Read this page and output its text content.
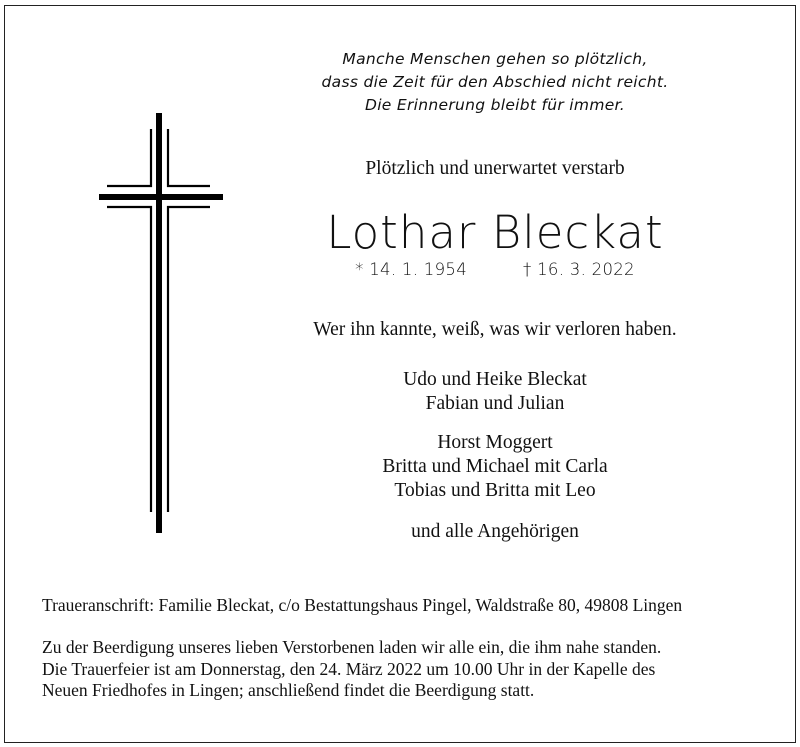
Manche Menschen gehen so plötzlich,
dass die Zeit für den Abschied nicht reicht.
Die Erinnerung bleibt für immer.
Plötzlich und unerwartet verstarb
Lothar Bleckat
* 14. 1. 1954	† 16. 3. 2022
Wer ihn kannte, weiß, was wir verloren haben.
Udo und Heike Bleckat
Fabian und Julian
Horst Moggert
Britta und Michael mit Carla
Tobias und Britta mit Leo
und alle Angehörigen
Traueranschrift: Familie Bleckat, c/o Bestattungshaus Pingel, Waldstraße 80, 49808 Lingen
Zu der Beerdigung unseres lieben Verstorbenen laden wir alle ein, die ihm nahe standen.
Die Trauerfeier ist am Donnerstag, den 24. März 2022 um 10.00 Uhr in der Kapelle des
Neuen Friedhofes in Lingen; anschließend findet die Beerdigung statt.
